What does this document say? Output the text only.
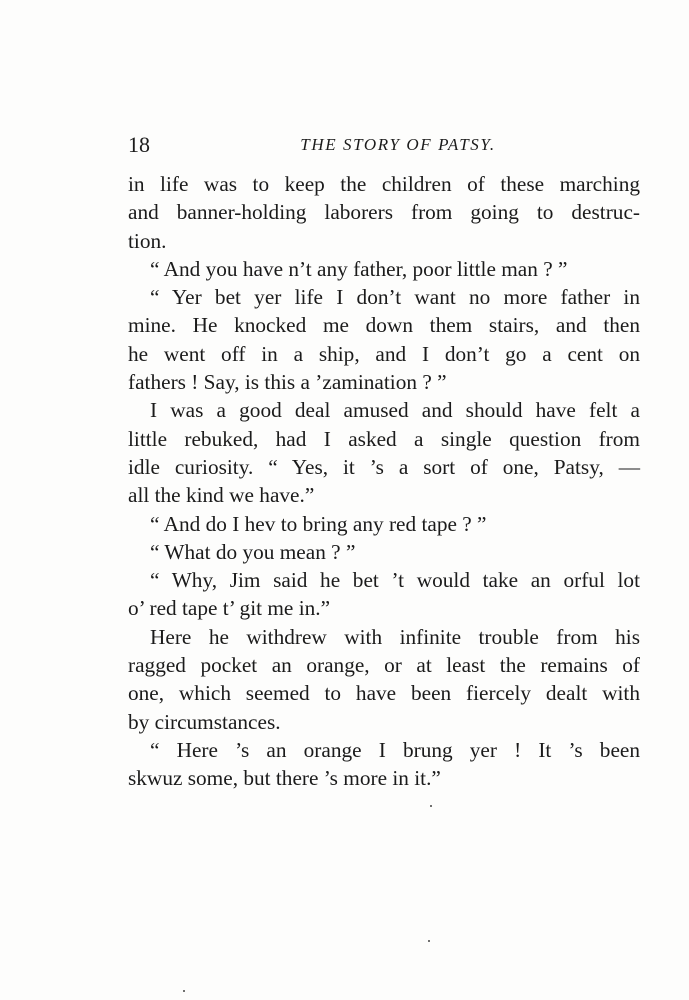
18	THE STORY OF PATSY.
in life was to keep the children of these marching
and banner-holding laborers from going to destruc-
tion.
“ And you have n’t any father, poor little man ? ”
“ Yer bet yer life I don’t want no more father in
mine. He knocked me down them stairs, and then
he went off in a ship, and I don’t go a cent on
fathers ! Say, is this a ’zamination ? ”
I was a good deal amused and should have felt a
little rebuked, had I asked a single question from
idle curiosity. “ Yes, it ’s a sort of one, Patsy, —
all the kind we have.”
“ And do I hev to bring any red tape ? ”
“ What do you mean ? ”
“ Why, Jim said he bet ’t would take an orful lot
o’ red tape t’ git me in.”
Here he withdrew with infinite trouble from his
ragged pocket an orange, or at least the remains of
one, which seemed to have been fiercely dealt with
by circumstances.
“ Here ’s an orange I brung yer ! It ’s been
skwuz some, but there ’s more in it.”
